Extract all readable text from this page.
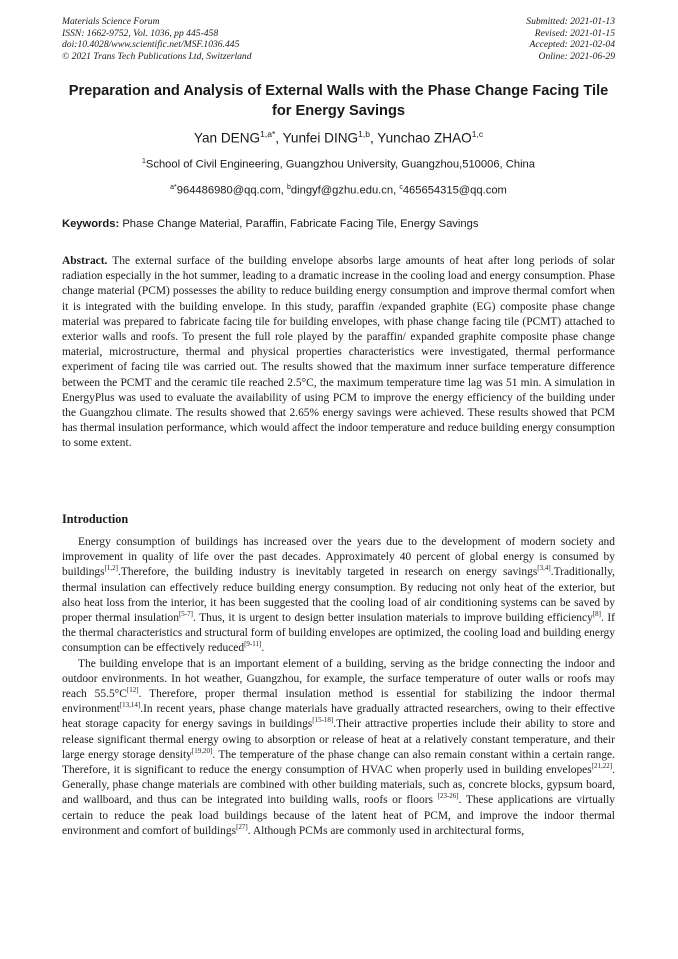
Materials Science Forum
ISSN: 1662-9752, Vol. 1036, pp 445-458
doi:10.4028/www.scientific.net/MSF.1036.445
© 2021 Trans Tech Publications Ltd, Switzerland
Submitted: 2021-01-13
Revised: 2021-01-15
Accepted: 2021-02-04
Online: 2021-06-29
Preparation and Analysis of External Walls with the Phase Change Facing Tile for Energy Savings
Yan $DENG^{1,a*}$, Yunfei DING$^{1,b}$, Yunchao ZHAO$^{1,c}$
$^1$School of Civil Engineering, Guangzhou University, Guangzhou,510006, China
$^{a*}$964486980@qq.com, $^b$dingyf@gzhu.edu.cn, $^c$465654315@qq.com
Keywords: Phase Change Material, Paraffin, Fabricate Facing Tile, Energy Savings
Abstract. The external surface of the building envelope absorbs large amounts of heat after long periods of solar radiation especially in the hot summer, leading to a dramatic increase in the cooling load and energy consumption. Phase change material (PCM) possesses the ability to reduce building energy consumption and improve thermal comfort when it is integrated with the building envelope. In this study, paraffin /expanded graphite (EG) composite phase change material was prepared to fabricate facing tile for building envelopes, with phase change facing tile (PCMT) attached to exterior walls and roofs. To present the full role played by the paraffin/ expanded graphite composite phase change material, microstructure, thermal and physical properties characteristics were investigated, thermal performance experiment of facing tile was carried out. The results showed that the maximum inner surface temperature difference between the PCMT and the ceramic tile reached 2.5°C, the maximum temperature time lag was 51 min. A simulation in EnergyPlus was used to evaluate the availability of using PCM to improve the energy efficiency of the building under the Guangzhou climate. The results showed that 2.65% energy savings were achieved. These results showed that PCM has thermal insulation performance, which would affect the indoor temperature and reduce building energy consumption to some extent.
Introduction

Energy consumption of buildings has increased over the years due to the development of modern society and improvement in quality of life over the past decades. Approximately 40 percent of global energy is consumed by buildings[1,2].Therefore, the building industry is inevitably targeted in research on energy savings[3,4].Traditionally, thermal insulation can effectively reduce building energy consumption. By reducing not only heat of the exterior, but also heat loss from the interior, it has been suggested that the cooling load of air conditioning systems can be saved by proper thermal insulation[5-7]. Thus, it is urgent to design better insulation materials to improve building efficiency[8]. If the thermal characteristics and structural form of building envelopes are optimized, the cooling load and building energy consumption can be effectively reduced[9-11].

The building envelope that is an important element of a building, serving as the bridge connecting the indoor and outdoor environments. In hot weather, Guangzhou, for example, the surface temperature of outer walls or roofs may reach 55.5°C[12]. Therefore, proper thermal insulation method is essential for stabilizing the indoor thermal environment[13,14].In recent years, phase change materials have gradually attracted researchers, owing to their effective heat storage capacity for energy savings in buildings[15-18].Their attractive properties include their ability to store and release significant thermal energy owing to absorption or release of heat at a relatively constant temperature, and their large energy storage density[19,20]. The temperature of the phase change can also remain constant within a certain range. Therefore, it is significant to reduce the energy consumption of HVAC when properly used in building envelopes[21,22]. Generally, phase change materials are combined with other building materials, such as, concrete blocks, gypsum board, and wallboard, and thus can be integrated into building walls, roofs or floors [23-26]. These applications are virtually certain to reduce the peak load buildings because of the latent heat of PCM, and improve the indoor thermal environment and comfort of buildings[27]. Although PCMs are commonly used in architectural forms,
